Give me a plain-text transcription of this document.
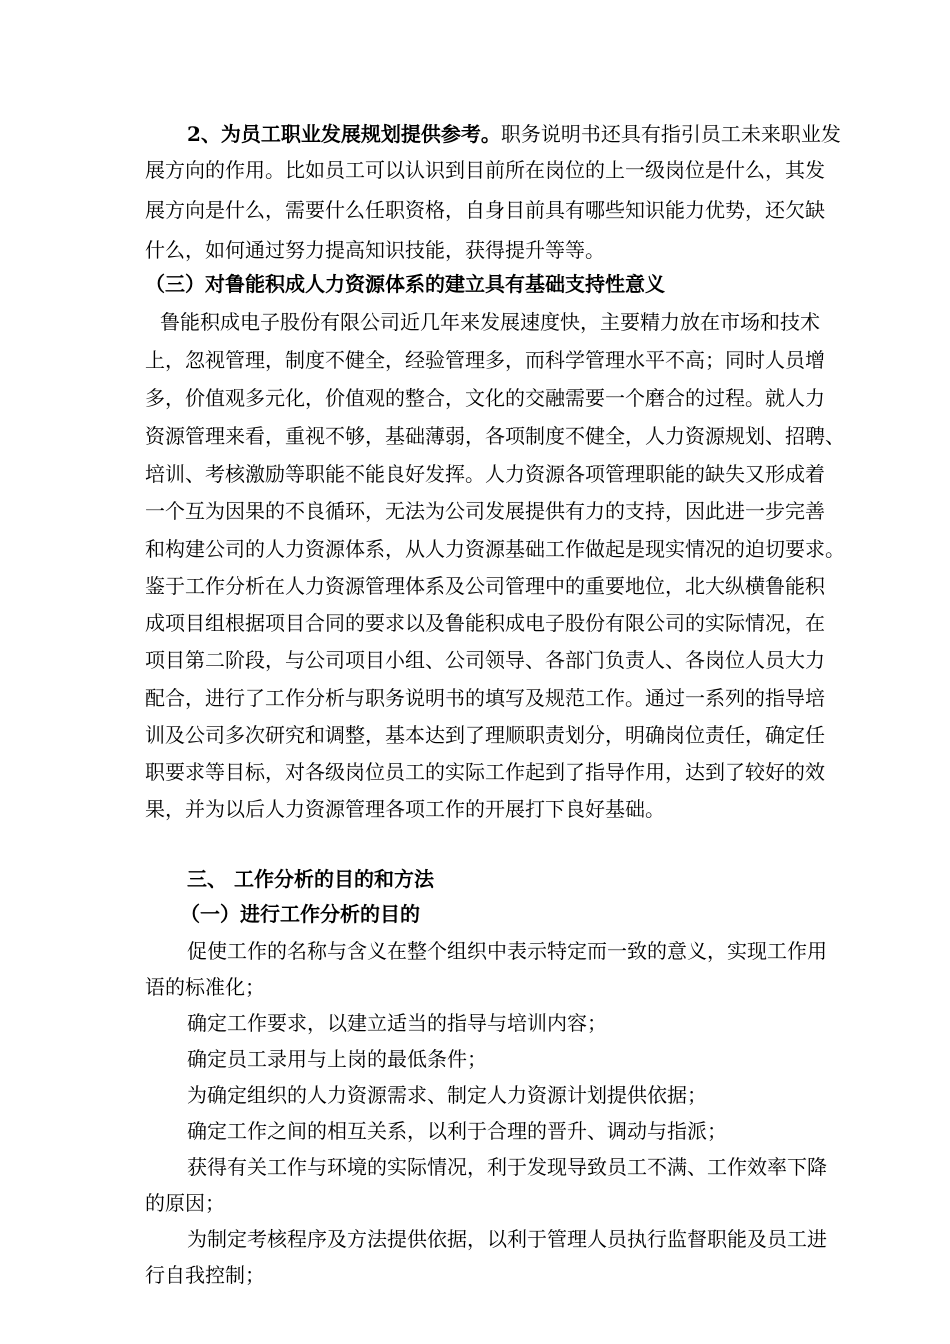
2、为员工职业发展规划提供参考。职务说明书还具有指引员工未来职业发
展方向的作用。比如员工可以认识到目前所在岗位的上一级岗位是什么，其发
展方向是什么，需要什么任职资格，自身目前具有哪些知识能力优势，还欠缺
什么，如何通过努力提高知识技能，获得提升等等。
（三）对鲁能积成人力资源体系的建立具有基础支持性意义
鲁能积成电子股份有限公司近几年来发展速度快，主要精力放在市场和技术
上，忽视管理，制度不健全，经验管理多，而科学管理水平不高；同时人员增
多，价值观多元化，价值观的整合，文化的交融需要一个磨合的过程。就人力
资源管理来看，重视不够，基础薄弱，各项制度不健全，人力资源规划、招聘、
培训、考核激励等职能不能良好发挥。人力资源各项管理职能的缺失又形成着
一个互为因果的不良循环，无法为公司发展提供有力的支持，因此进一步完善
和构建公司的人力资源体系，从人力资源基础工作做起是现实情况的迫切要求。
鉴于工作分析在人力资源管理体系及公司管理中的重要地位，北大纵横鲁能积
成项目组根据项目合同的要求以及鲁能积成电子股份有限公司的实际情况，在
项目第二阶段，与公司项目小组、公司领导、各部门负责人、各岗位人员大力
配合，进行了工作分析与职务说明书的填写及规范工作。通过一系列的指导培
训及公司多次研究和调整，基本达到了理顺职责划分，明确岗位责任，确定任
职要求等目标，对各级岗位员工的实际工作起到了指导作用，达到了较好的效
果，并为以后人力资源管理各项工作的开展打下良好基础。
三、 工作分析的目的和方法
（一）进行工作分析的目的
促使工作的名称与含义在整个组织中表示特定而一致的意义，实现工作用
语的标准化；
确定工作要求，以建立适当的指导与培训内容；
确定员工录用与上岗的最低条件；
为确定组织的人力资源需求、制定人力资源计划提供依据；
确定工作之间的相互关系，以利于合理的晋升、调动与指派；
获得有关工作与环境的实际情况，利于发现导致员工不满、工作效率下降
的原因；
为制定考核程序及方法提供依据，以利于管理人员执行监督职能及员工进
行自我控制；
